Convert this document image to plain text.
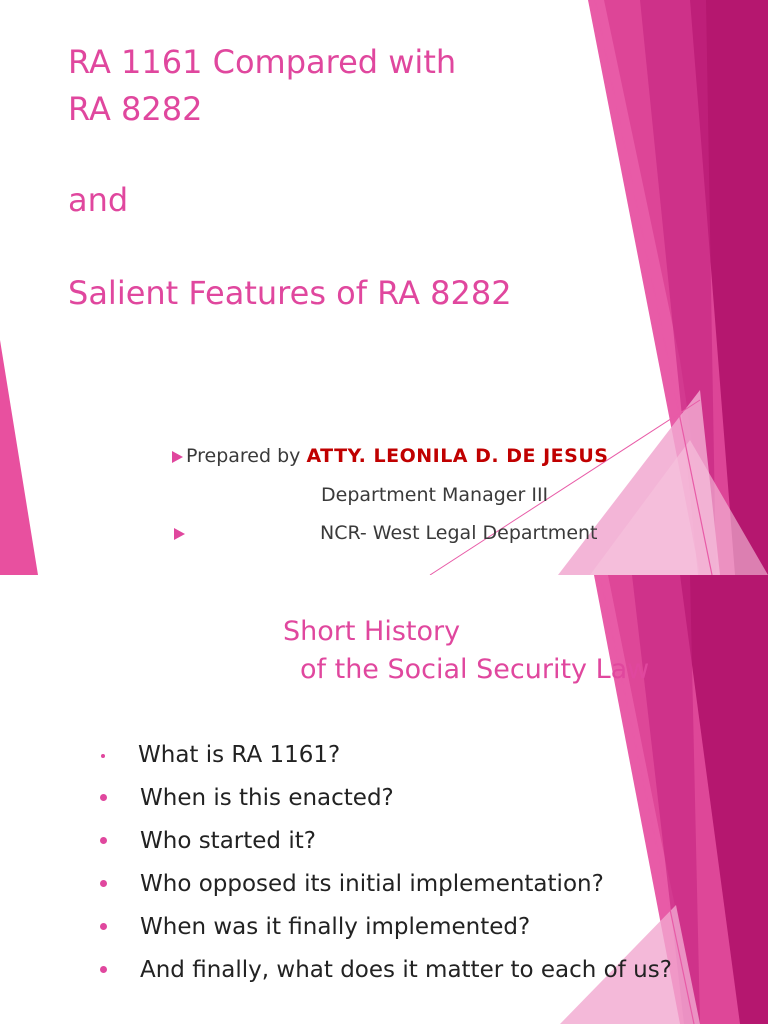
RA 1161 Compared with
RA 8282
and
Salient Features of RA 8282
Prepared by ATTY. LEONILA D. DE JESUS
Department Manager III
NCR- West Legal Department
Short History
of the Social Security Law
What is RA 1161?
When is this enacted?
Who started it?
Who opposed its initial implementation?
When was it finally implemented?
And finally, what does it matter to each of us?
